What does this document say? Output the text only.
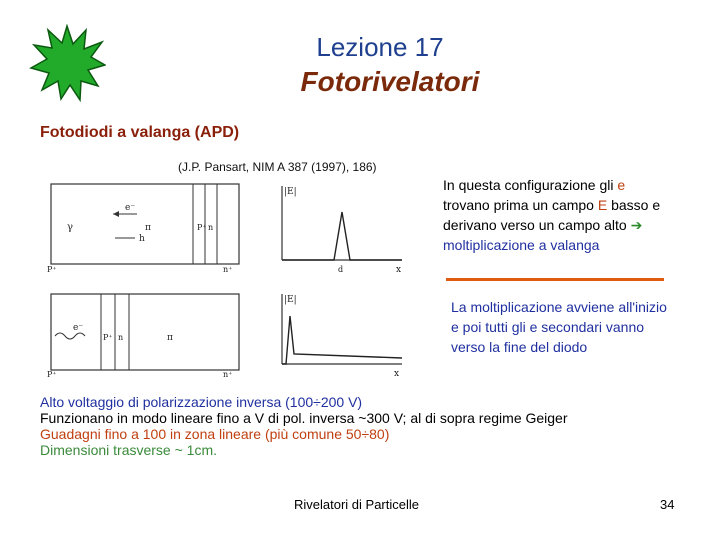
Lezione 17
Fotorivelatori
Fotodiodi a valanga (APD)
(J.P. Pansart, NIM A 387 (1997), 186)
γ
e⁻
h
π	P⁺ n
P⁺	n⁺
|E|
x
d
e⁻
P⁺ n	π
P⁺	n⁺
|E|
x
In questa configurazione gli e trovano prima un campo E basso e derivano verso un campo alto ➔ moltiplicazione a valanga
La moltiplicazione avviene all'inizio e poi tutti gli e secondari vanno verso la fine del diodo
Alto voltaggio di polarizzazione inversa (100÷200 V)
Funzionano in modo lineare fino a V di pol. inversa ~300 V; al di sopra regime Geiger
Guadagni fino a 100 in zona lineare (più comune 50÷80)
Dimensioni trasverse ~ 1cm.
Rivelatori di Particelle	34
